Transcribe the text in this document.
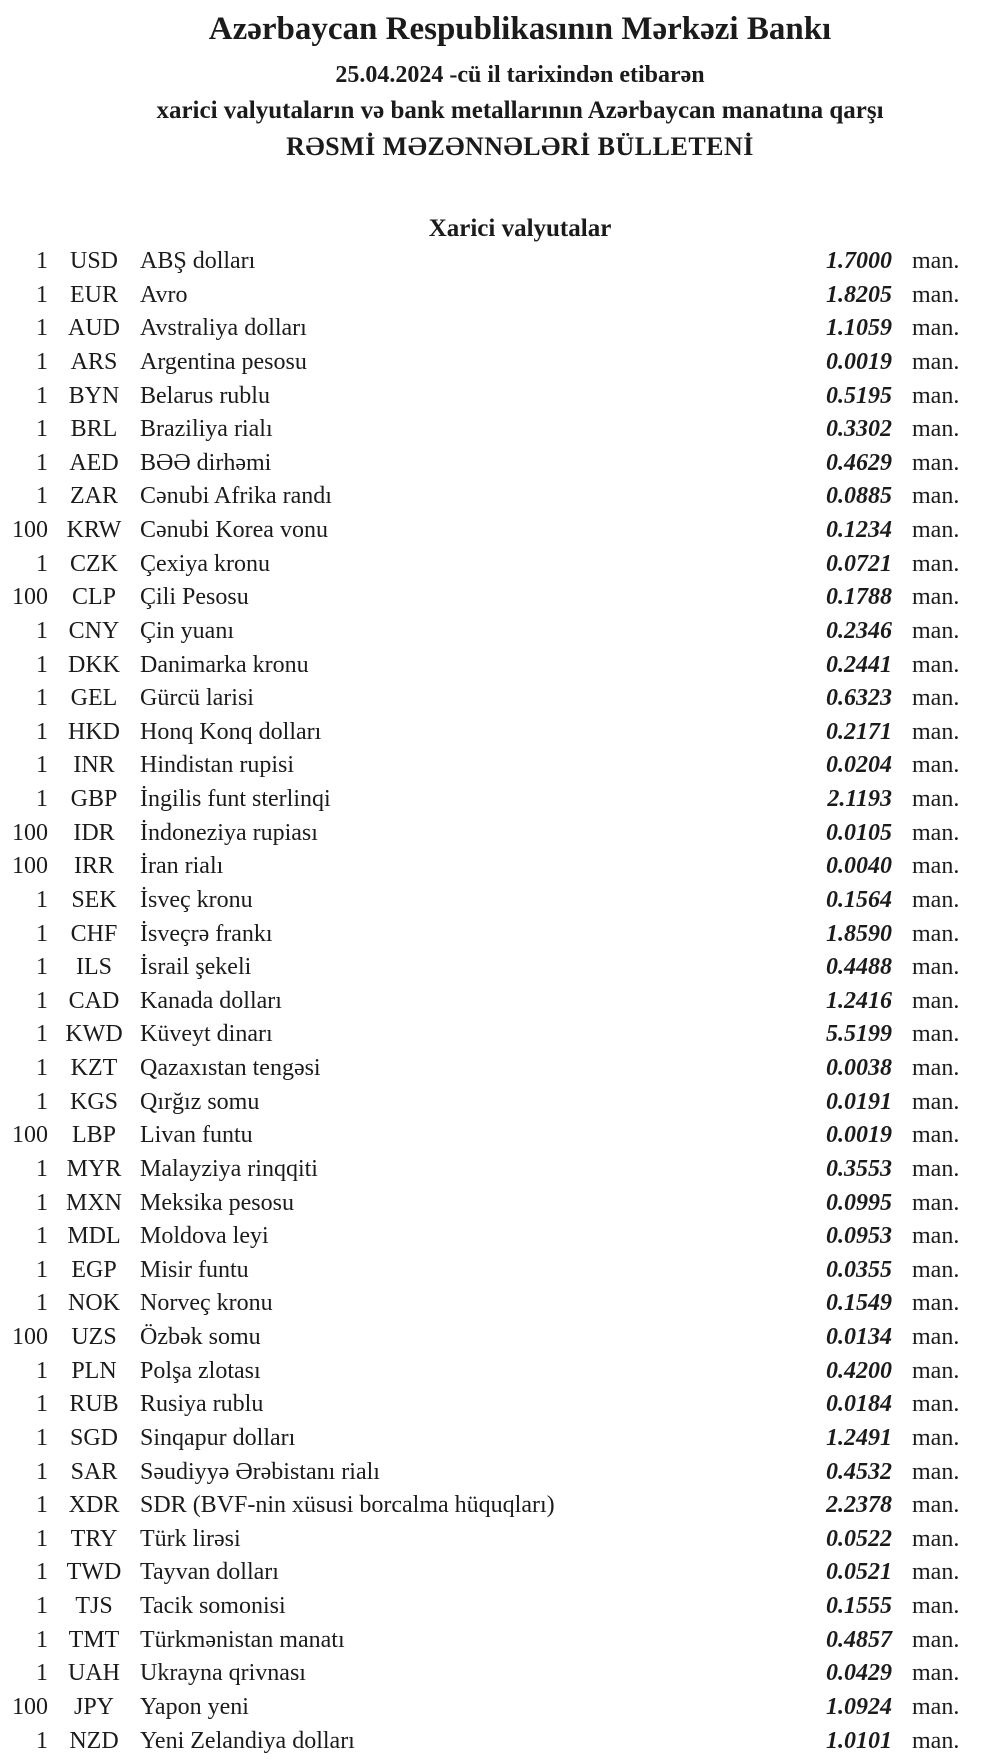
Azərbaycan Respublikasının Mərkəzi Bankı
25.04.2024 -cü il tarixindən etibarən
xarici valyutaların və bank metallarının Azərbaycan manatına qarşı
RƏSMİ MƏZƏNNƏLƏRİ BÜLLETENİ
Xarici valyutalar
1 USD ABŞ dolları	1.7000 man.
1 EUR Avro	1.8205 man.
1 AUD Avstraliya dolları	1.1059 man.
1 ARS Argentina pesosu	0.0019 man.
1 BYN Belarus rublu	0.5195 man.
1 BRL Braziliya rialı	0.3302 man.
1 AED BƏƏ dirhəmi	0.4629 man.
1 ZAR Cənubi Afrika randı	0.0885 man.
100 KRW Cənubi Korea vonu	0.1234 man.
1 CZK Çexiya kronu	0.0721 man.
100 CLP	Çili Pesosu	0.1788 man.
1 CNY Çin yuanı	0.2346 man.
1 DKK Danimarka kronu	0.2441 man.
1 GEL Gürcü larisi	0.6323 man.
1 HKD Honq Konq dolları	0.2171 man.
1	INR	Hindistan rupisi	0.0204 man.
1 GBP İngilis funt sterlinqi	2.1193 man.
100	IDR	İndoneziya rupiası	0.0105 man.
100	IRR	İran rialı	0.0040 man.
1 SEK İsveç kronu	0.1564 man.
1 CHF İsveçrə frankı	1.8590 man.
1	ILS	İsrail şekeli	0.4488 man.
1 CAD Kanada dolları	1.2416 man.
1 KWD Küveyt dinarı	5.5199 man.
1 KZT Qazaxıstan tengəsi	0.0038 man.
1 KGS Qırğız somu	0.0191 man.
100 LBP	Livan funtu	0.0019 man.
1 MYR Malayziya rinqqiti	0.3553 man.
1 MXN Meksika pesosu	0.0995 man.
1 MDL Moldova leyi	0.0953 man.
1 EGP Misir funtu	0.0355 man.
1 NOK Norveç kronu	0.1549 man.
100 UZS Özbək somu	0.0134 man.
1 PLN Polşa zlotası	0.4200 man.
1 RUB Rusiya rublu	0.0184 man.
1 SGD Sinqapur dolları	1.2491 man.
1 SAR Səudiyyə Ərəbistanı rialı	0.4532 man.
1 XDR SDR (BVF-nin xüsusi borcalma hüquqları)	2.2378 man.
1 TRY Türk lirəsi	0.0522 man.
1 TWD Tayvan dolları	0.0521 man.
1	TJS	Tacik somonisi	0.1555 man.
1 TMT Türkmənistan manatı	0.4857 man.
1 UAH Ukrayna qrivnası	0.0429 man.
100	JPY	Yapon yeni	1.0924 man.
1 NZD Yeni Zelandiya dolları	1.0101 man.
